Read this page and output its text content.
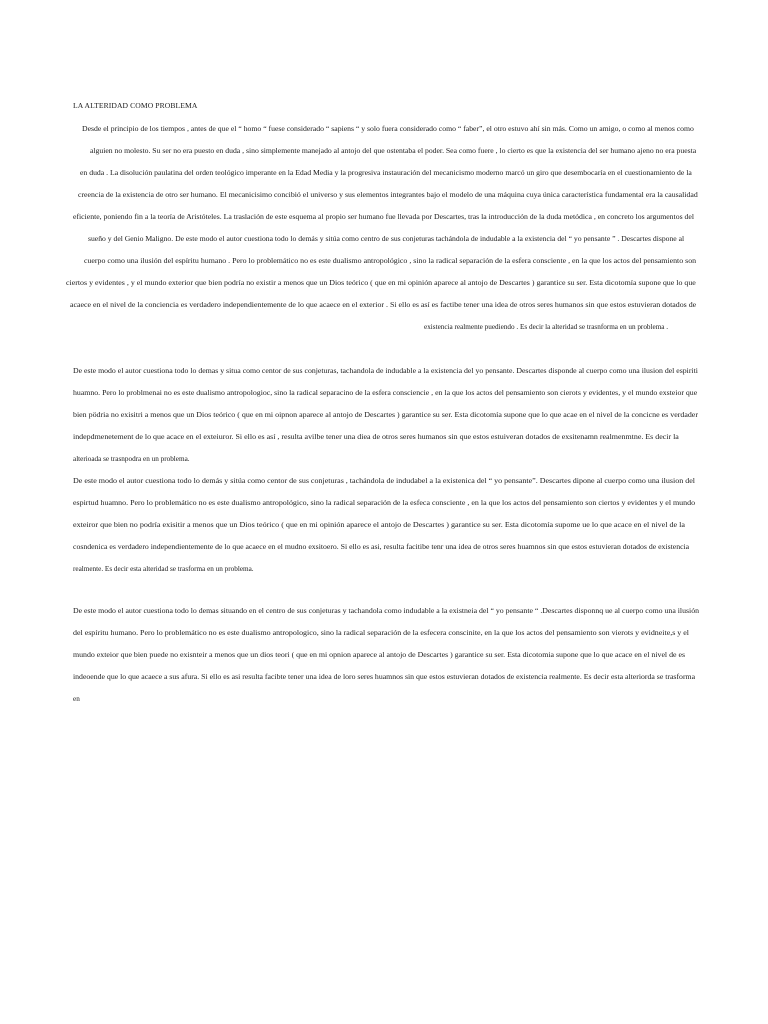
LA ALTERIDAD COMO PROBLEMA
Desde el principio de los tiempos , antes de que el “ homo “ fuese considerado “ sapiens “ y solo fuera considerado como “ faber”, el otro estuvo ahí sin más. Como un amigo, o como al menos como
alguien no molesto. Su ser no era puesto en duda , sino simplemente manejado al antojo del que ostentaba el poder. Sea como fuere , lo cierto es que la existencia del ser humano ajeno no era puesta
en duda . La disolución paulatina del orden teológico imperante en la Edad Media y la progresiva instauración del mecanicismo moderno marcó un giro que desembocaría en el cuestionamiento de la
creencia de la existencia de otro ser humano. El mecanicisimo concibió el universo y sus elementos integrantes bajo el modelo de una máquina cuya única característica fundamental era la causalidad
eficiente, poniendo fin a la teoría de Aristóteles. La traslación de este esquema al propio ser humano fue llevada por Descartes, tras la introducción de la duda metódica , en concreto los argumentos del
sueño y del Genio Maligno. De este modo el autor cuestiona todo lo demás y sitúa como centro de sus conjeturas tachándola de indudable a la existencia del “ yo pensante ” . Descartes dispone al
cuerpo como una ilusión del espíritu humano . Pero lo problemático no es este dualismo antropológico , sino la radical separación de la esfera consciente , en la que los actos del pensamiento son
ciertos y evidentes , y el mundo exterior que bien podría no existir a menos que un Dios teórico ( que en mi opinión aparece al antojo de Descartes ) garantice su ser. Esta dicotomía supone que lo que
acaece en el nivel de la conciencia es verdadero independientemente de lo que acaece en el exterior . Si ello es así es factibe tener una idea de otros seres humanos sin que estos estuvieran dotados de
existencia realmente puediendo . Es decir la alteridad se trasnforma en un problema .
De este modo el autor cuestiona todo lo demas y situa como centor de sus conjeturas, tachandola de indudable a la existencia del yo pensante. Descartes disponde al cuerpo como una ilusion del espiriti
huamno. Pero lo problmenai no es este dualismo antropologioc, sino la radical separacino de la esfera consciencie , en la que los actos del pensamiento son cierots y evidentes, y el mundo exsteior que
bien pödria no exisitri a menos que un Dios teórico ( que en mi oipnon aparece al antojo de Descartes ) garantice su ser. Esta dicotomía supone que lo que acae en el nivel de la concicne es verdader
indepdmenetement de lo que acace en el exteiuror. Si ello es así , resulta avilbe tener una dieа de otros seres humanos sin que estos estuiveran dotados de exsitenamn realmenmtne. Es decir la
alterioada se trasnpodra en un problema.
De este modo el autor cuestiona todo lo demás y sitúa como centor de sus conjeturas , tachándola de indudabel a la existenica del “ yo pensante”. Descartes dipone al cuerpo como una ilusion del
espirtud huamno. Pero lo problemático no es este dualismo antropológico, sino la radical separación de la esfeca consciente , en la que los actos del pensamiento son ciertos y evidentes y el mundo
exteiror que bien no podría exisitir a menos que un Dios teórico ( que en mi opinión aparece el antojo de Descartes ) garantice su ser. Esta dicotomía supome ue lo que acace en el nivel de la
cosndenica es verdadero independientemente de lo que acaece en el mudno exsitoero. Si ello es asi, resulta facitibe tenr una idea de otros seres huamnos sin que estos estuvieran dotados de existencia
realmente. Es decir esta alteridad se trasforma en un problema.
De este modo el autor cuestiona todo lo demas situando en el centro de sus conjeturas y tachandola como indudable a la existneia del “ yo pensante “ .Descartes disponnq ue al cuerpo como una ilusión
del espíritu humano. Pero lo problemático no es este dualismo antropologico, sino la radical separación de la esfecera conscinite, en la que los actos del pensamiento son vierots y evidneite,s y el
mundo exteior que bien puede no exisnteir a menos que un dios teori ( que en mi opnion aparece al antojo de Descartes ) garantice su ser. Esta dicotomia supone que lo que acace en el nivel de es
indeoende que lo que acaece a sus afura. Si ello es asi resulta facibte tener una idea de loro seres huamnos sin que estos estuvieran dotados de existencia realmente. Es decir esta alteriorda se trasforma
en
